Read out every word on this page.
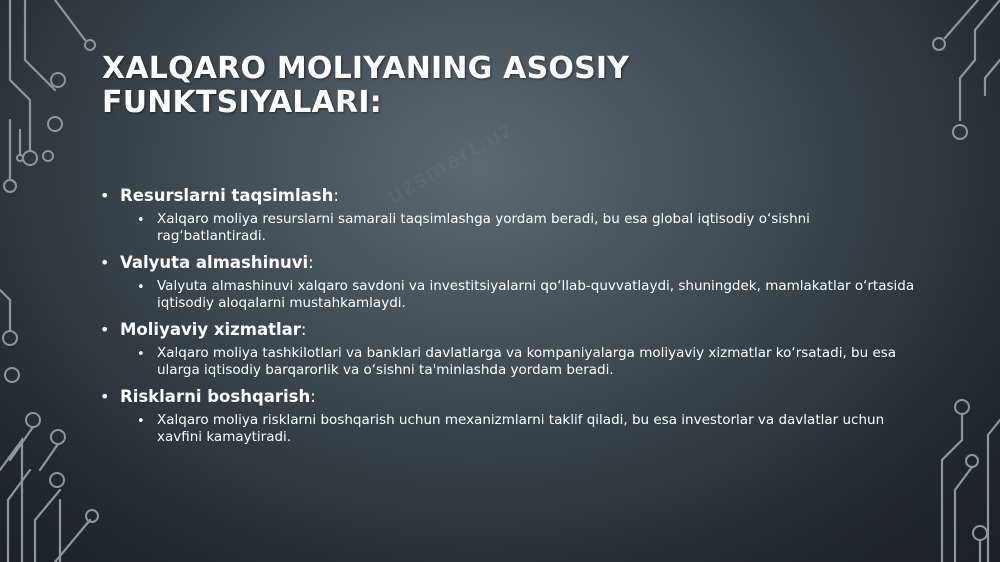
uzsmart.uz
XALQARO MOLIYANING ASOSIY FUNKTSIYALARI:
• Resurslarni taqsimlash:
• Xalqaro moliya resurslarni samarali taqsimlashga yordam beradi, bu esa global iqtisodiy o‘sishni rag‘batlantiradi.
• Valyuta almashinuvi:
• Valyuta almashinuvi xalqaro savdoni va investitsiyalarni qo‘llab-quvvatlaydi, shuningdek, mamlakatlar o‘rtasida iqtisodiy aloqalarni mustahkamlaydi.
• Moliyaviy xizmatlar:
• Xalqaro moliya tashkilotlari va banklari davlatlarga va kompaniyalarga moliyaviy xizmatlar ko‘rsatadi, bu esa ularga iqtisodiy barqarorlik va o‘sishni ta'minlashda yordam beradi.
• Risklarni boshqarish:
• Xalqaro moliya risklarni boshqarish uchun mexanizmlarni taklif qiladi, bu esa investorlar va davlatlar uchun xavfini kamaytiradi.
